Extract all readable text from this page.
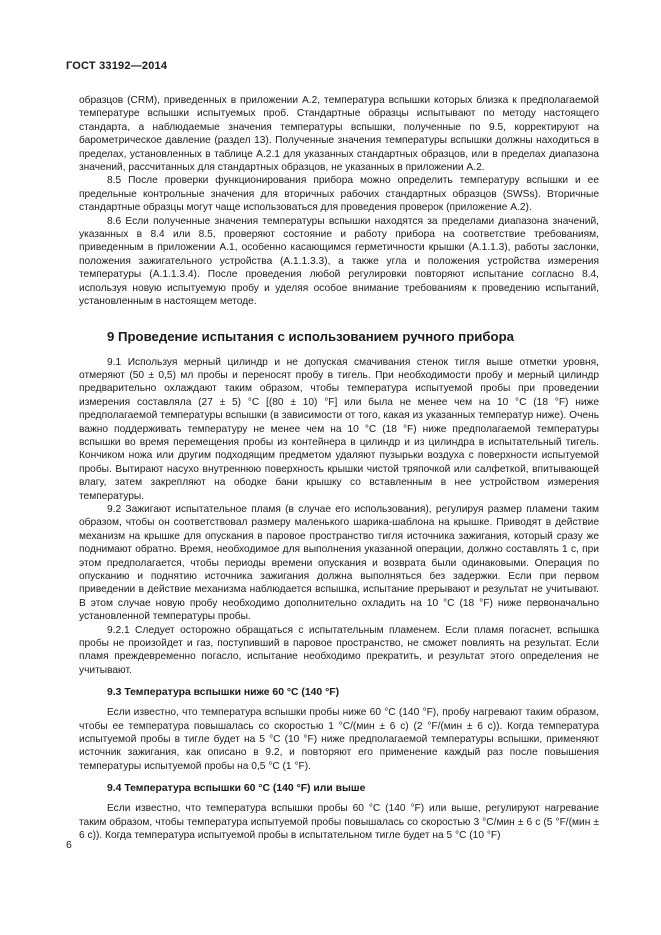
ГОСТ 33192—2014

образцов (CRM), приведенных в приложении А.2, температура вспышки которых близка к предполагаемой температуре вспышки испытуемых проб. Стандартные образцы испытывают по методу настоящего стандарта, а наблюдаемые значения температуры вспышки, полученные по 9.5, корректируют на барометрическое давление (раздел 13). Полученные значения температуры вспышки должны находиться в пределах, установленных в таблице А.2.1 для указанных стандартных образцов, или в пределах диапазона значений, рассчитанных для стандартных образцов, не указанных в приложении А.2.

8.5 После проверки функционирования прибора можно определить температуру вспышки и ее предельные контрольные значения для вторичных рабочих стандартных образцов (SWSs). Вторичные стандартные образцы могут чаще использоваться для проведения проверок (приложение А.2).

8.6 Если полученные значения температуры вспышки находятся за пределами диапазона значений, указанных в 8.4 или 8.5, проверяют состояние и работу прибора на соответствие требованиям, приведенным в приложении А.1, особенно касающимся герметичности крышки (А.1.1.3), работы заслонки, положения зажигательного устройства (А.1.1.3.3), а также угла и положения устройства измерения температуры (А.1.1.3.4). После проведения любой регулировки повторяют испытание согласно 8.4, используя новую испытуемую пробу и уделяя особое внимание требованиям к проведению испытаний, установленным в настоящем методе.

9 Проведение испытания с использованием ручного прибора

9.1 Используя мерный цилиндр и не допуская смачивания стенок тигля выше отметки уровня, отмеряют (50 ± 0,5) мл пробы и переносят пробу в тигель. При необходимости пробу и мерный цилиндр предварительно охлаждают таким образом, чтобы температура испытуемой пробы при проведении измерения составляла (27 ± 5) °С [(80 ± 10) °F] или была не менее чем на 10 °С (18 °F) ниже предполагаемой температуры вспышки (в зависимости от того, какая из указанных температур ниже). Очень важно поддерживать температуру не менее чем на 10 °С (18 °F) ниже предполагаемой температуры вспышки во время перемещения пробы из контейнера в цилиндр и из цилиндра в испытательный тигель. Кончиком ножа или другим подходящим предметом удаляют пузырьки воздуха с поверхности испытуемой пробы. Вытирают насухо внутреннюю поверхность крышки чистой тряпочкой или салфеткой, впитывающей влагу, затем закрепляют на ободке бани крышку со вставленным в нее устройством измерения температуры.

9.2 Зажигают испытательное пламя (в случае его использования), регулируя размер пламени таким образом, чтобы он соответствовал размеру маленького шарика-шаблона на крышке. Приводят в действие механизм на крышке для опускания в паровое пространство тигля источника зажигания, который сразу же поднимают обратно. Время, необходимое для выполнения указанной операции, должно составлять 1 с, при этом предполагается, чтобы периоды времени опускания и возврата были одинаковыми. Операция по опусканию и поднятию источника зажигания должна выполняться без задержки. Если при первом приведении в действие механизма наблюдается вспышка, испытание прерывают и результат не учитывают. В этом случае новую пробу необходимо дополнительно охладить на 10 °С (18 °F) ниже первоначально установленной температуры пробы.

9.2.1 Следует осторожно обращаться с испытательным пламенем. Если пламя погаснет, вспышка пробы не произойдет и газ, поступивший в паровое пространство, не сможет повлиять на результат. Если пламя преждевременно погасло, испытание необходимо прекратить, и результат этого определения не учитывают.

9.3 Температура вспышки ниже 60 °С (140 °F)

Если известно, что температура вспышки пробы ниже 60 °С (140 °F), пробу нагревают таким образом, чтобы ее температура повышалась со скоростью 1 °С/(мин ± 6 с) (2 °F/(мин ± 6 с)). Когда температура испытуемой пробы в тигле будет на 5 °С (10 °F) ниже предполагаемой температуры вспышки, применяют источник зажигания, как описано в 9.2, и повторяют его применение каждый раз после повышения температуры испытуемой пробы на 0,5 °С (1 °F).

9.4 Температура вспышки 60 °С (140 °F) или выше

Если известно, что температура вспышки пробы 60 °С (140 °F) или выше, регулируют нагревание таким образом, чтобы температура испытуемой пробы повышалась со скоростью 3 °С/мин ± 6 с (5 °F/(мин ± 6 с)). Когда температура испытуемой пробы в испытательном тигле будет на 5 °С (10 °F)

6
